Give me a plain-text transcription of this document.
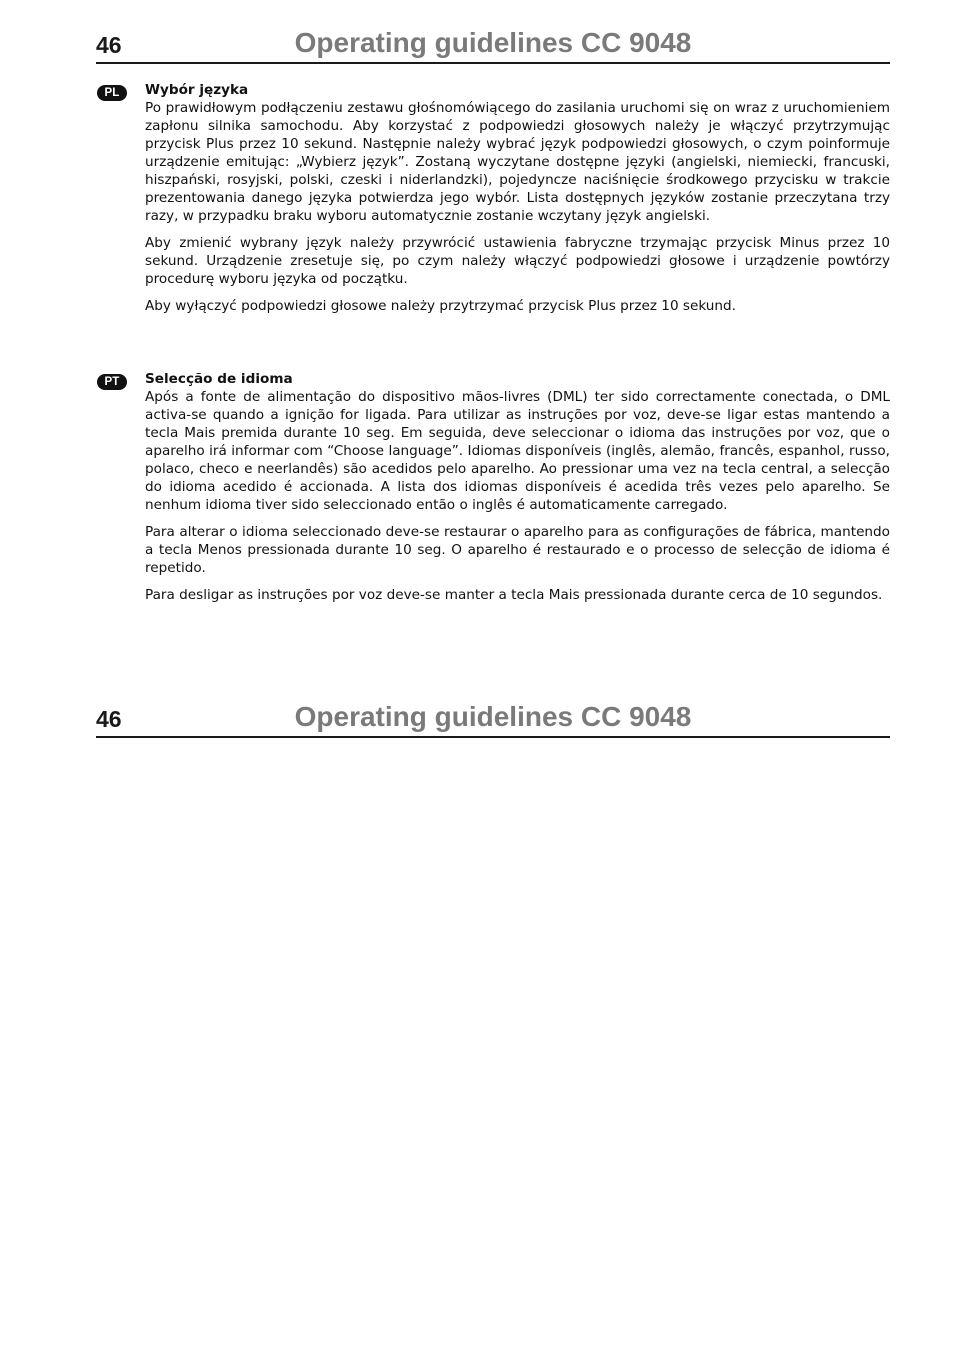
46	Operating guidelines CC 9048
PL	Wybór języka

Po prawidłowym podłączeniu zestawu głośnomówiącego do zasilania uruchomi się on wraz z uruchomieniem zapłonu silnika samochodu. Aby korzystać z podpowiedzi głosowych należy je włączyć przytrzymując przycisk Plus przez 10 sekund. Następnie należy wybrać język podpowiedzi głosowych, o czym poinformuje urządzenie emitując: „Wybierz język”. Zostaną wyczytane dostępne języki (angielski, niemiecki, francuski, hiszpański, rosyjski, polski, czeski i niderlandzki), pojedyncze naciśnięcie środkowego przycisku w trakcie prezentowania danego języka potwierdza jego wybór. Lista dostępnych języków zostanie przeczytana trzy razy, w przypadku braku wyboru automatycznie zostanie wczytany język angielski.

Aby zmienić wybrany język należy przywrócić ustawienia fabryczne trzymając przycisk Minus przez 10 sekund. Urządzenie zresetuje się, po czym należy włączyć podpowiedzi głosowe i urządzenie powtórzy procedurę wyboru języka od początku.

Aby wyłączyć podpowiedzi głosowe należy przytrzymać przycisk Plus przez 10 sekund.

PT	Selecção de idioma

Após a fonte de alimentação do dispositivo mãos-livres (DML) ter sido correctamente conectada, o DML activa-se quando a ignição for ligada. Para utilizar as instruções por voz, deve-se ligar estas mantendo a tecla Mais premida durante 10 seg. Em seguida, deve seleccionar o idioma das instruções por voz, que o aparelho irá informar com “Choose language”. Idiomas disponíveis (inglês, alemão, francês, espanhol, russo, polaco, checo e neerlandês) são acedidos pelo aparelho. Ao pressionar uma vez na tecla central, a selecção do idioma acedido é accionada. A lista dos idiomas disponíveis é acedida três vezes pelo aparelho. Se nenhum idioma tiver sido seleccionado então o inglês é automaticamente carregado.

Para alterar o idioma seleccionado deve-se restaurar o aparelho para as configurações de fábrica, mantendo a tecla Menos pressionada durante 10 seg. O aparelho é restaurado e o processo de selecção de idioma é repetido.

Para desligar as instruções por voz deve-se manter a tecla Mais pressionada durante cerca de 10 segundos.

46	Operating guidelines CC 9048
